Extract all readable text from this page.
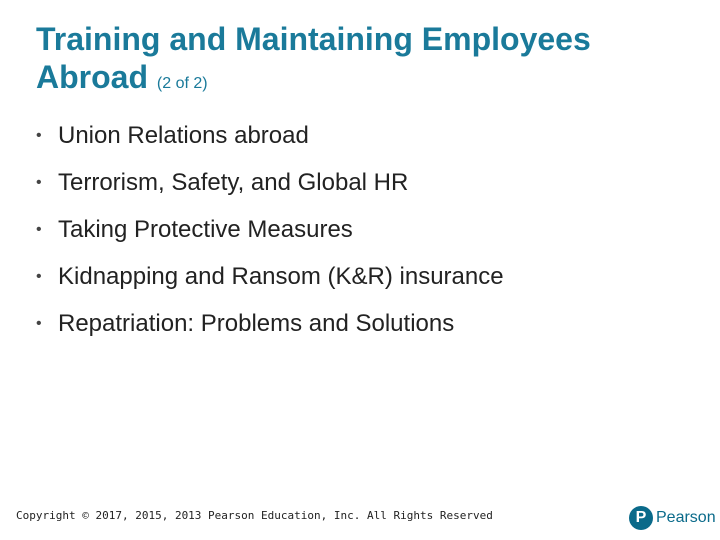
Training and Maintaining Employees Abroad (2 of 2)
• Union Relations abroad
• Terrorism, Safety, and Global HR
• Taking Protective Measures
• Kidnapping and Ransom (K&R) insurance
• Repatriation: Problems and Solutions
Copyright © 2017, 2015, 2013 Pearson Education, Inc. All Rights Reserved	P Pearson
